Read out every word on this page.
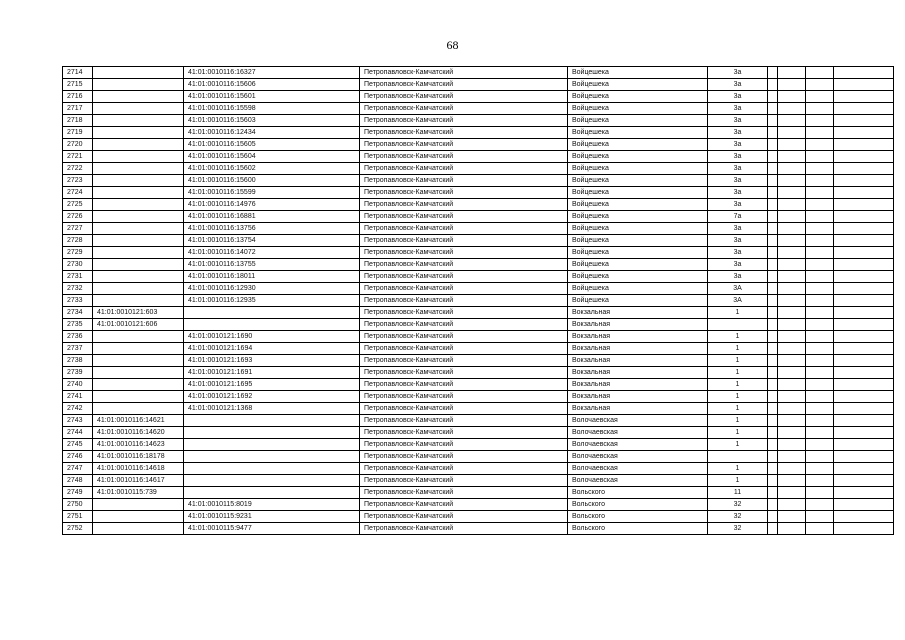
68
2714		41:01:0010116:16327	Петропавловск-Камчатский	Войцешека	3а				
2715		41:01:0010116:15606	Петропавловск-Камчатский	Войцешека	3а				
2716		41:01:0010116:15601	Петропавловск-Камчатский	Войцешека	3а				
2717		41:01:0010116:15598	Петропавловск-Камчатский	Войцешека	3а				
2718		41:01:0010116:15603	Петропавловск-Камчатский	Войцешека	3а				
2719		41:01:0010116:12434	Петропавловск-Камчатский	Войцешека	3а				
2720		41:01:0010116:15605	Петропавловск-Камчатский	Войцешека	3а				
2721		41:01:0010116:15604	Петропавловск-Камчатский	Войцешека	3а				
2722		41:01:0010116:15602	Петропавловск-Камчатский	Войцешека	3а				
2723		41:01:0010116:15600	Петропавловск-Камчатский	Войцешека	3а				
2724		41:01:0010116:15599	Петропавловск-Камчатский	Войцешека	3а				
2725		41:01:0010116:14976	Петропавловск-Камчатский	Войцешека	3а				
2726		41:01:0010116:16881	Петропавловск-Камчатский	Войцешека	7а				
2727		41:01:0010116:13756	Петропавловск-Камчатский	Войцешека	3а				
2728		41:01:0010116:13754	Петропавловск-Камчатский	Войцешека	3а				
2729		41:01:0010116:14072	Петропавловск-Камчатский	Войцешека	3а				
2730		41:01:0010116:13755	Петропавловск-Камчатский	Войцешека	3а				
2731		41:01:0010116:18011	Петропавловск-Камчатский	Войцешека	3а				
2732		41:01:0010116:12930	Петропавловск-Камчатский	Войцешека	3А				
2733		41:01:0010116:12935	Петропавловск-Камчатский	Войцешека	3А				
2734	41:01:0010121:603		Петропавловск-Камчатский	Вокзальная	1				
2735	41:01:0010121:606		Петропавловск-Камчатский	Вокзальная					
2736		41:01:0010121:1690	Петропавловск-Камчатский	Вокзальная	1				
2737		41:01:0010121:1694	Петропавловск-Камчатский	Вокзальная	1				
2738		41:01:0010121:1693	Петропавловск-Камчатский	Вокзальная	1				
2739		41:01:0010121:1691	Петропавловск-Камчатский	Вокзальная	1				
2740		41:01:0010121:1695	Петропавловск-Камчатский	Вокзальная	1				
2741		41:01:0010121:1692	Петропавловск-Камчатский	Вокзальная	1				
2742		41:01:0010121:1368	Петропавловск-Камчатский	Вокзальная	1				
2743	41:01:0010116:14621		Петропавловск-Камчатский	Волочаевская	1				
2744	41:01:0010116:14620		Петропавловск-Камчатский	Волочаевская	1				
2745	41:01:0010116:14623		Петропавловск-Камчатский	Волочаевская	1				
2746	41:01:0010116:18178		Петропавловск-Камчатский	Волочаевская					
2747	41:01:0010116:14618		Петропавловск-Камчатский	Волочаевская	1				
2748	41:01:0010116:14617		Петропавловск-Камчатский	Волочаевская	1				
2749	41:01:0010115:739		Петропавловск-Камчатский	Вольского	11				
2750		41:01:0010115:8019	Петропавловск-Камчатский	Вольского	32				
2751		41:01:0010115:9231	Петропавловск-Камчатский	Вольского	32				
2752		41:01:0010115:9477	Петропавловск-Камчатский	Вольского	32				
